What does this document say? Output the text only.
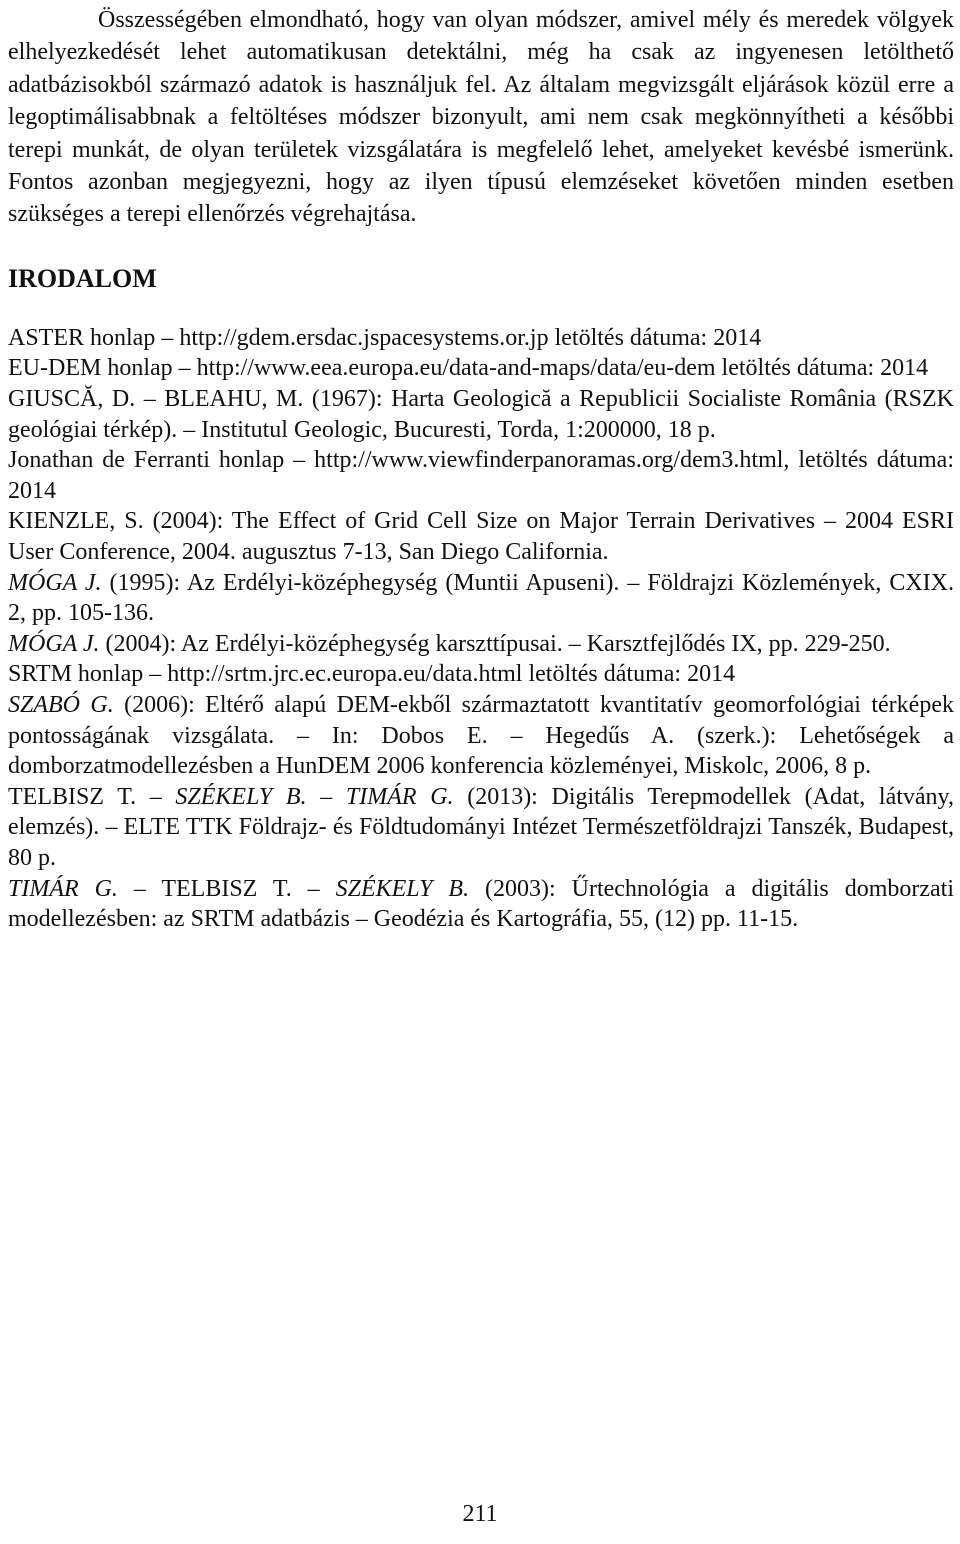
Összességében elmondható, hogy van olyan módszer, amivel mély és meredek völgyek elhelyezkedését lehet automatikusan detektálni, még ha csak az ingyenesen letölthető adatbázisokból származó adatok is használjuk fel. Az általam megvizsgált eljárások közül erre a legoptimálisabbnak a feltöltéses módszer bizonyult, ami nem csak megkönnyítheti a későbbi terepi munkát, de olyan területek vizsgálatára is megfelelő lehet, amelyeket kevésbé ismerünk. Fontos azonban megjegyezni, hogy az ilyen típusú elemzéseket követően minden esetben szükséges a terepi ellenőrzés végrehajtása.

IRODALOM

ASTER honlap – http://gdem.ersdac.jspacesystems.or.jp letöltés dátuma: 2014

EU-DEM honlap – http://www.eea.europa.eu/data-and-maps/data/eu-dem letöltés dátuma: 2014

GIUSCĂ, D. – BLEAHU, M. (1967): Harta Geologică a Republicii Socialiste România (RSZK geológiai térkép). – Institutul Geologic, Bucuresti, Torda, 1:200000, 18 p.

Jonathan de Ferranti honlap – http://www.viewfinderpanoramas.org/dem3.html, letöltés dátuma: 2014

KIENZLE, S. (2004): The Effect of Grid Cell Size on Major Terrain Derivatives – 2004 ESRI User Conference, 2004. augusztus 7-13, San Diego California.

MÓGA J. (1995): Az Erdélyi-középhegység (Muntii Apuseni). – Földrajzi Közlemények, CXIX. 2, pp. 105-136.

MÓGA J. (2004): Az Erdélyi-középhegység karszttípusai. – Karsztfejlődés IX, pp. 229-250.

SRTM honlap – http://srtm.jrc.ec.europa.eu/data.html letöltés dátuma: 2014

SZABÓ G. (2006): Eltérő alapú DEM-ekből származtatott kvantitatív geomorfológiai térképek pontosságának vizsgálata. – In: Dobos E. – Hegedűs A. (szerk.): Lehetőségek a domborzatmodellezésben a HunDEM 2006 konferencia közleményei, Miskolc, 2006, 8 p.

TELBISZ T. – SZÉKELY B. – TIMÁR G. (2013): Digitális Terepmodellek (Adat, látvány, elemzés). – ELTE TTK Földrajz- és Földtudományi Intézet Természetföldrajzi Tanszék, Budapest, 80 p.

TIMÁR G. – TELBISZ T. – SZÉKELY B. (2003): Űrtechnológia a digitális domborzati modellezésben: az SRTM adatbázis – Geodézia és Kartográfia, 55, (12) pp. 11-15.

211
